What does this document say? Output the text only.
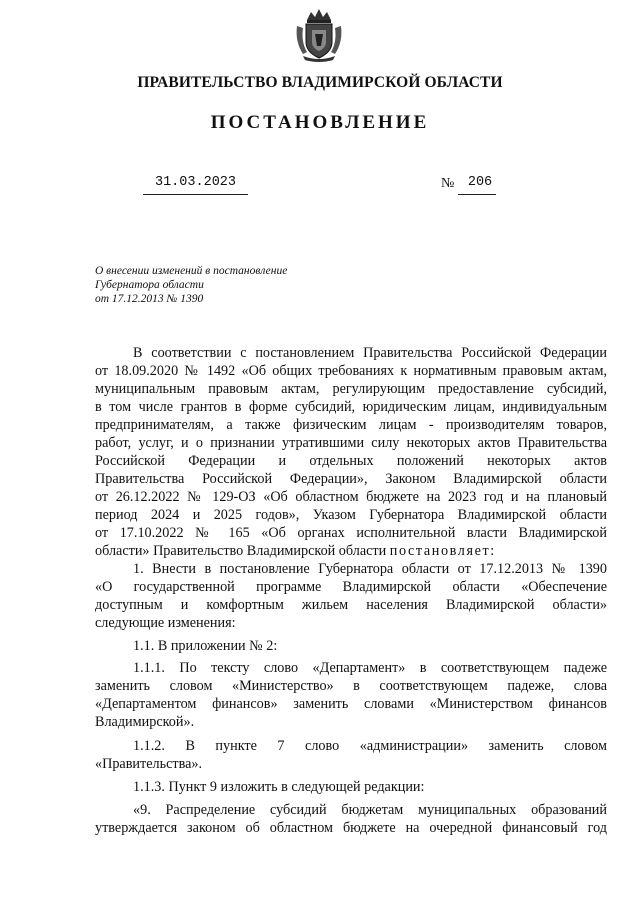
ПРАВИТЕЛЬСТВО ВЛАДИМИРСКОЙ ОБЛАСТИ
ПОСТАНОВЛЕНИЕ
31.03.2023	№ 206
О внесении изменений в постановление
Губернатора области
от 17.12.2013 № 1390
В соответствии с постановлением Правительства Российской Федерации
от 18.09.2020 № 1492 «Об общих требованиях к нормативным правовым актам,
муниципальным правовым актам, регулирующим предоставление субсидий,
в том числе грантов в форме субсидий, юридическим лицам, индивидуальным
предпринимателям, а также физическим лицам - производителям товаров,
работ, услуг, и о признании утратившими силу некоторых актов Правительства
Российской Федерации и отдельных положений некоторых актов
Правительства Российской Федерации», Законом Владимирской области
от 26.12.2022 № 129-ОЗ «Об областном бюджете на 2023 год и на плановый
период 2024 и 2025 годов», Указом Губернатора Владимирской области
от 17.10.2022 № 165 «Об органах исполнительной власти Владимирской
области» Правительство Владимирской области постановляет:
1. Внести в постановление Губернатора области от 17.12.2013 № 1390
«О государственной программе Владимирской области «Обеспечение
доступным и комфортным жильем населения Владимирской области»
следующие изменения:
1.1. В приложении № 2:
1.1.1. По тексту слово «Департамент» в соответствующем падеже
заменить словом «Министерство» в соответствующем падеже, слова
«Департаментом финансов» заменить словами «Министерством финансов
Владимирской».
1.1.2. В пункте 7 слово «администрации» заменить словом
«Правительства».
1.1.3. Пункт 9 изложить в следующей редакции:
«9. Распределение субсидий бюджетам муниципальных образований
утверждается законом об областном бюджете на очередной финансовый год
